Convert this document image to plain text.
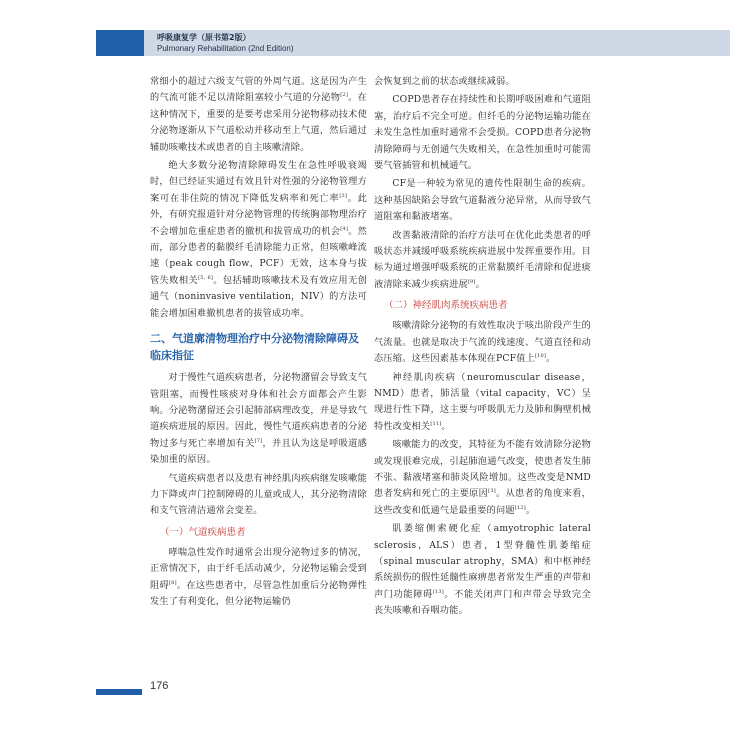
呼吸康复学（原书第2版）
Pulmonary Rehabilitation (2nd Edition)

常细小的超过六级支气管的外周气道。这是因为产生的气流可能不足以清除阻塞较小气道的分泌物[2]。在这种情况下，重要的是要考虑采用分泌物移动技术使分泌物逐渐从下气道松动并移动至上气道，然后通过辅助咳嗽技术或患者的自主咳嗽清除。

绝大多数分泌物清除障碍发生在急性呼吸衰竭时，但已经证实通过有效且针对性强的分泌物管理方案可在非住院的情况下降低发病率和死亡率[3]。此外，有研究报道针对分泌物管理的传统胸部物理治疗不会增加危重症患者的撤机和拔管成功的机会[4]。然而，部分患者的黏膜纤毛清除能力正常，但咳嗽峰流速（peak cough flow，PCF）无效，这本身与拔管失败相关[5, 6]。包括辅助咳嗽技术及有效应用无创通气（noninvasive ventilation，NIV）的方法可能会增加困难撤机患者的拔管成功率。

二、气道廓清物理治疗中分泌物清除障碍及临床指征

对于慢性气道疾病患者，分泌物潴留会导致支气管阻塞，而慢性咳痰对身体和社会方面都会产生影响。分泌物潴留还会引起肺部病理改变，并是导致气道疾病进展的原因。因此，慢性气道疾病患者的分泌物过多与死亡率增加有关[7]，并且认为这是呼吸道感染加重的原因。

气道疾病患者以及患有神经肌肉疾病继发咳嗽能力下降或声门控制障碍的儿童或成人，其分泌物清除和支气管清洁通常会变差。

（一）气道疾病患者

哮喘急性发作时通常会出现分泌物过多的情况，正常情况下，由于纤毛活动减少，分泌物运输会受到阻碍[8]。在这些患者中，尽管急性加重后分泌物弹性发生了有利变化，但分泌物运输仍

会恢复到之前的状态或继续减弱。

COPD患者存在持续性和长期呼吸困难和气道阻塞，治疗后不完全可逆。但纤毛的分泌物运输功能在未发生急性加重时通常不会受损。COPD患者分泌物清除障碍与无创通气失败相关，在急性加重时可能需要气管插管和机械通气。

CF是一种较为常见的遗传性限制生命的疾病。这种基因缺陷会导致气道黏液分泌异常，从而导致气道阻塞和黏液堵塞。

改善黏液清除的治疗方法可在优化此类患者的呼吸状态并减缓呼吸系统疾病进展中发挥重要作用。目标为通过增强呼吸系统的正常黏膜纤毛清除和促进痰液清除来减少疾病进展[9]。

（二）神经肌肉系统疾病患者

咳嗽清除分泌物的有效性取决于咳出阶段产生的气流量。也就是取决于气流的线速度、气道直径和动态压缩。这些因素基本体现在PCF值上[10]。

神经肌肉疾病（neuromuscular disease，NMD）患者，肺活量（vital capacity，VC）呈现进行性下降，这主要与呼吸肌无力及肺和胸壁机械特性改变相关[11]。

咳嗽能力的改变，其特征为不能有效清除分泌物或发现很难完成，引起肺泡通气改变，使患者发生肺不张、黏液堵塞和肺炎风险增加。这些改变是NMD患者发病和死亡的主要原因[3]。从患者的角度来看，这些改变和低通气是最重要的问题[12]。

肌萎缩侧索硬化症（amyotrophic lateral sclerosis，ALS）患者，1型脊髓性肌萎缩症（spinal muscular atrophy，SMA）和中枢神经系统损伤的假性延髓性麻痹患者常发生严重的声带和声门功能障碍[13]。不能关闭声门和声带会导致完全丧失咳嗽和吞咽功能。

176
